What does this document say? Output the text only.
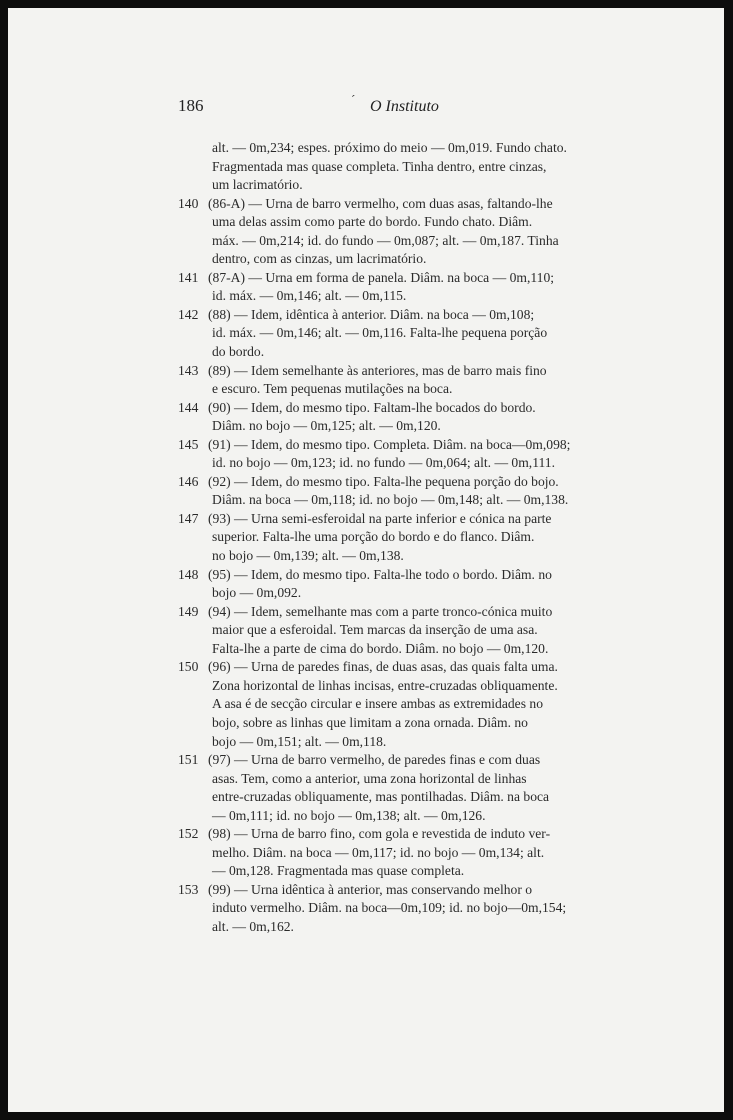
186	´ O Instituto
alt. — 0m,234; espes. próximo do meio — 0m,019. Fundo chato.
Fragmentada mas quase completa. Tinha dentro, entre cinzas,
um lacrimatório.
140 (86-A) — Urna de barro vermelho, com duas asas, faltando-lhe
uma delas assim como parte do bordo. Fundo chato. Diâm.
máx. — 0m,214; id. do fundo — 0m,087; alt. — 0m,187. Tinha
dentro, com as cinzas, um lacrimatório.
141 (87-A) — Urna em forma de panela. Diâm. na boca — 0m,110;
id. máx. — 0m,146; alt. — 0m,115.
142 (88) — Idem, idêntica à anterior. Diâm. na boca — 0m,108;
id. máx. — 0m,146; alt. — 0m,116. Falta-lhe pequena porção
do bordo.
143 (89) — Idem semelhante às anteriores, mas de barro mais fino
e escuro. Tem pequenas mutilações na boca.
144 (90) — Idem, do mesmo tipo. Faltam-lhe bocados do bordo.
Diâm. no bojo — 0m,125; alt. — 0m,120.
145 (91) — Idem, do mesmo tipo. Completa. Diâm. na boca—0m,098;
id. no bojo — 0m,123; id. no fundo — 0m,064; alt. — 0m,111.
146 (92) — Idem, do mesmo tipo. Falta-lhe pequena porção do bojo.
Diâm. na boca — 0m,118; id. no bojo — 0m,148; alt. — 0m,138.
147 (93) — Urna semi-esferoidal na parte inferior e cónica na parte
superior. Falta-lhe uma porção do bordo e do flanco. Diâm.
no bojo — 0m,139; alt. — 0m,138.
148 (95) — Idem, do mesmo tipo. Falta-lhe todo o bordo. Diâm. no
bojo — 0m,092.
149 (94) — Idem, semelhante mas com a parte tronco-cónica muito
maior que a esferoidal. Tem marcas da inserção de uma asa.
Falta-lhe a parte de cima do bordo. Diâm. no bojo — 0m,120.
150 (96) — Urna de paredes finas, de duas asas, das quais falta uma.
Zona horizontal de linhas incisas, entre-cruzadas obliquamente.
A asa é de secção circular e insere ambas as extremidades no
bojo, sobre as linhas que limitam a zona ornada. Diâm. no
bojo — 0m,151; alt. — 0m,118.
151 (97) — Urna de barro vermelho, de paredes finas e com duas
asas. Tem, como a anterior, uma zona horizontal de linhas
entre-cruzadas obliquamente, mas pontilhadas. Diâm. na boca
— 0m,111; id. no bojo — 0m,138; alt. — 0m,126.
152 (98) — Urna de barro fino, com gola e revestida de induto ver-
melho. Diâm. na boca — 0m,117; id. no bojo — 0m,134; alt.
— 0m,128. Fragmentada mas quase completa.
153 (99) — Urna idêntica à anterior, mas conservando melhor o
induto vermelho. Diâm. na boca—0m,109; id. no bojo—0m,154;
alt. — 0m,162.
